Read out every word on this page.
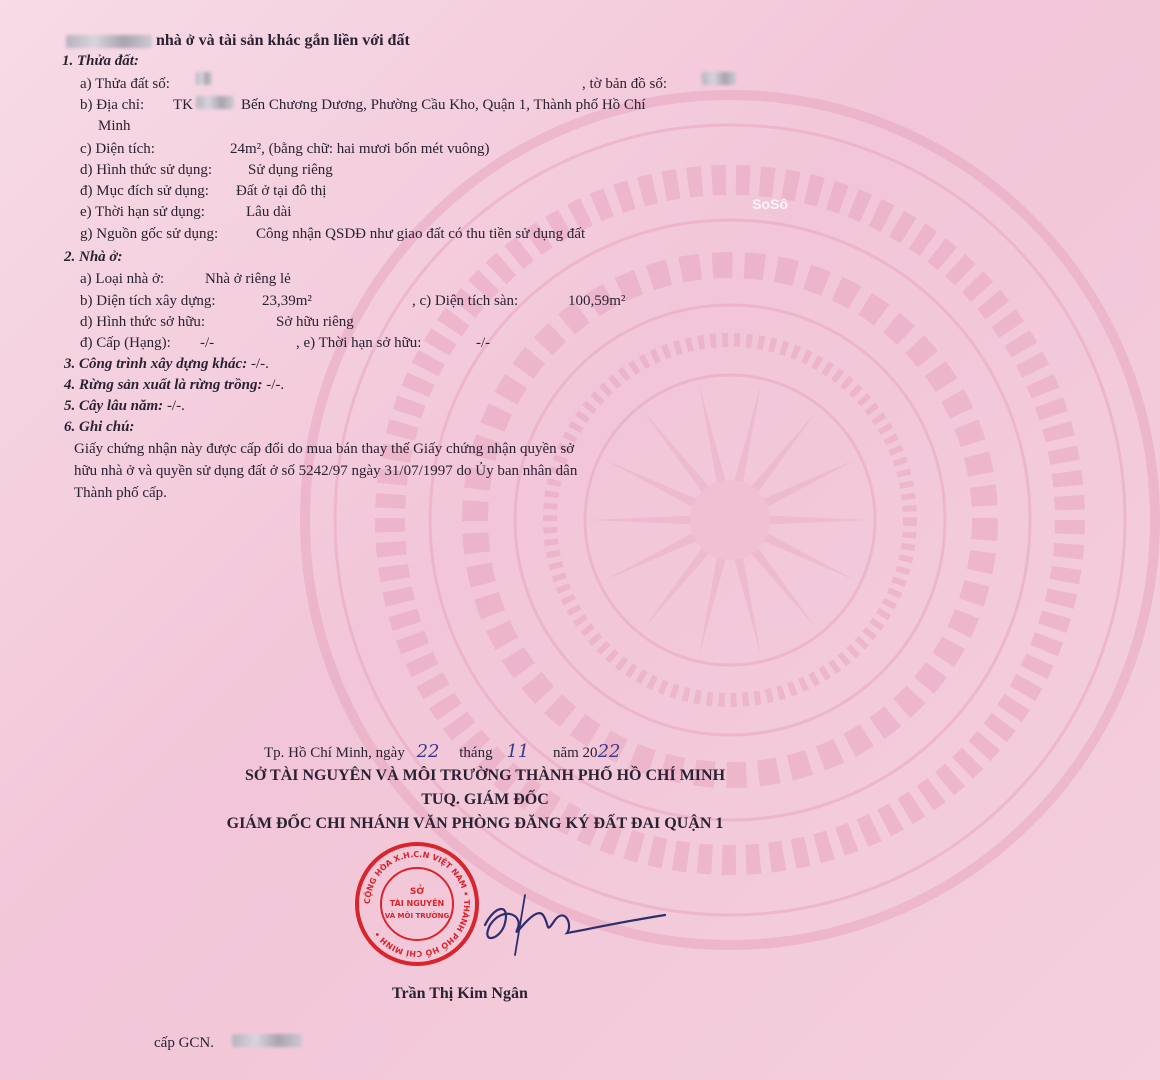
SoSô
nhà ở và tài sản khác gắn liền với đất
1. Thửa đất:
a) Thửa đất số:	, tờ bản đồ số:
b) Địa chỉ: TK	Bến Chương Dương, Phường Cầu Kho, Quận 1, Thành phố Hồ Chí
Minh
c) Diện tích:	24m², (bằng chữ: hai mươi bốn mét vuông)
d) Hình thức sử dụng: Sử dụng riêng
đ) Mục đích sử dụng: Đất ở tại đô thị
e) Thời hạn sử dụng:	Lâu dài
g) Nguồn gốc sử dụng:	Công nhận QSDĐ như giao đất có thu tiền sử dụng đất
2. Nhà ở:
a) Loại nhà ở:	Nhà ở riêng lẻ
b) Diện tích xây dựng:	23,39m²	, c) Diện tích sàn:	100,59m²
d) Hình thức sở hữu:	Sở hữu riêng
đ) Cấp (Hạng): -/-	, e) Thời hạn sở hữu:	-/-
3. Công trình xây dựng khác: -/-.
4. Rừng sản xuất là rừng trồng: -/-.
5. Cây lâu năm: -/-.
6. Ghi chú:
Giấy chứng nhận này được cấp đổi do mua bán thay thế Giấy chứng nhận quyền sở
hữu nhà ở và quyền sử dụng đất ở số 5242/97 ngày 31/07/1997 do Ủy ban nhân dân
Thành phố cấp.
Tp. Hồ Chí Minh, ngày 22 tháng 11 năm 2022
SỞ TÀI NGUYÊN VÀ MÔI TRƯỜNG THÀNH PHỐ HỒ CHÍ MINH
TUQ. GIÁM ĐỐC
GIÁM ĐỐC CHI NHÁNH VĂN PHÒNG ĐĂNG KÝ ĐẤT ĐAI QUẬN 1
CỘNG HÒA X.H.C.N VIỆT NAM • THÀNH PHỐ HỒ CHÍ MINH •
SỞ
TÀI NGUYÊN
VÀ MÔI TRƯỜNG
Trần Thị Kim Ngân
cấp GCN.
